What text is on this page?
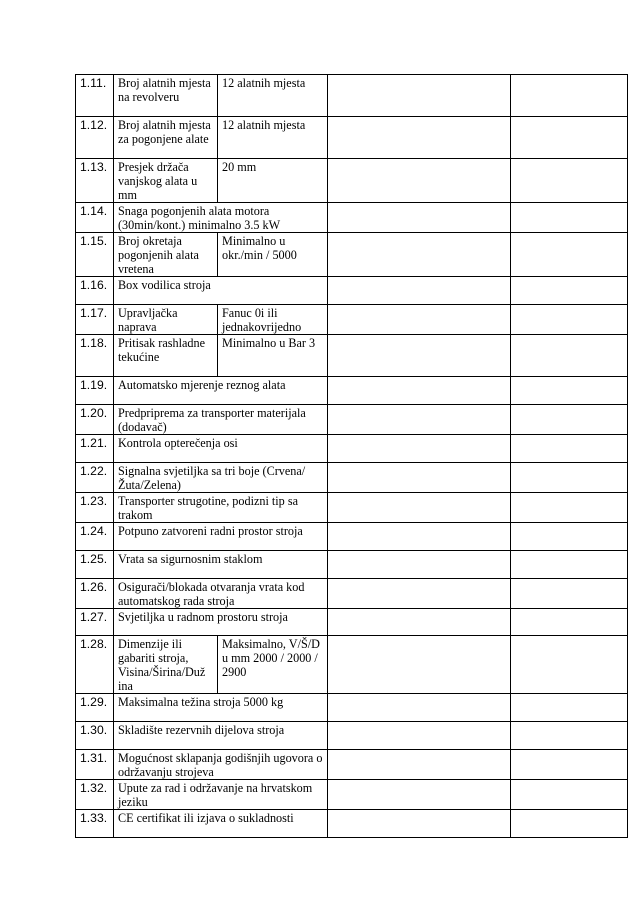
1.11.	Broj alatnih mjesta na revolveru	12 alatnih mjesta		
1.12.	Broj alatnih mjesta za pogonjene alate	12 alatnih mjesta		
1.13.	Presjek držača vanjskog alata u mm	20 mm		
1.14.	Snaga pogonjenih alata motora (30min/kont.) minimalno 3.5 kW			
1.15.	Broj okretaja pogonjenih alata vretena	Minimalno u okr./min / 5000		
1.16.	Box vodilica stroja			
1.17.	Upravljačka naprava	Fanuc 0i ili jednakovrijedno		
1.18.	Pritisak rashladne tekućine	Minimalno u Bar 3		
1.19.	Automatsko mjerenje reznog alata			
1.20.	Predpriprema za transporter materijala (dodavač)			
1.21.	Kontrola opterečenja osi			
1.22.	Signalna svjetiljka sa tri boje (Crvena/Žuta/Zelena)			
1.23.	Transporter strugotine, podizni tip sa trakom			
1.24.	Potpuno zatvoreni radni prostor stroja			
1.25.	Vrata sa sigurnosnim staklom			
1.26.	Osigurači/blokada otvaranja vrata kod automatskog rada stroja			
1.27.	Svjetiljka u radnom prostoru stroja			
1.28.	Dimenzije ili gabariti stroja, Visina/Širina/Duž ina	Maksimalno, V/Š/D u mm 2000 / 2000 / 2900		
1.29.	Maksimalna težina stroja 5000 kg			
1.30.	Skladište rezervnih dijelova stroja			
1.31.	Mogućnost sklapanja godišnjih ugovora o održavanju strojeva			
1.32.	Upute za rad i održavanje na hrvatskom jeziku			
1.33.	CE certifikat ili izjava o sukladnosti			
